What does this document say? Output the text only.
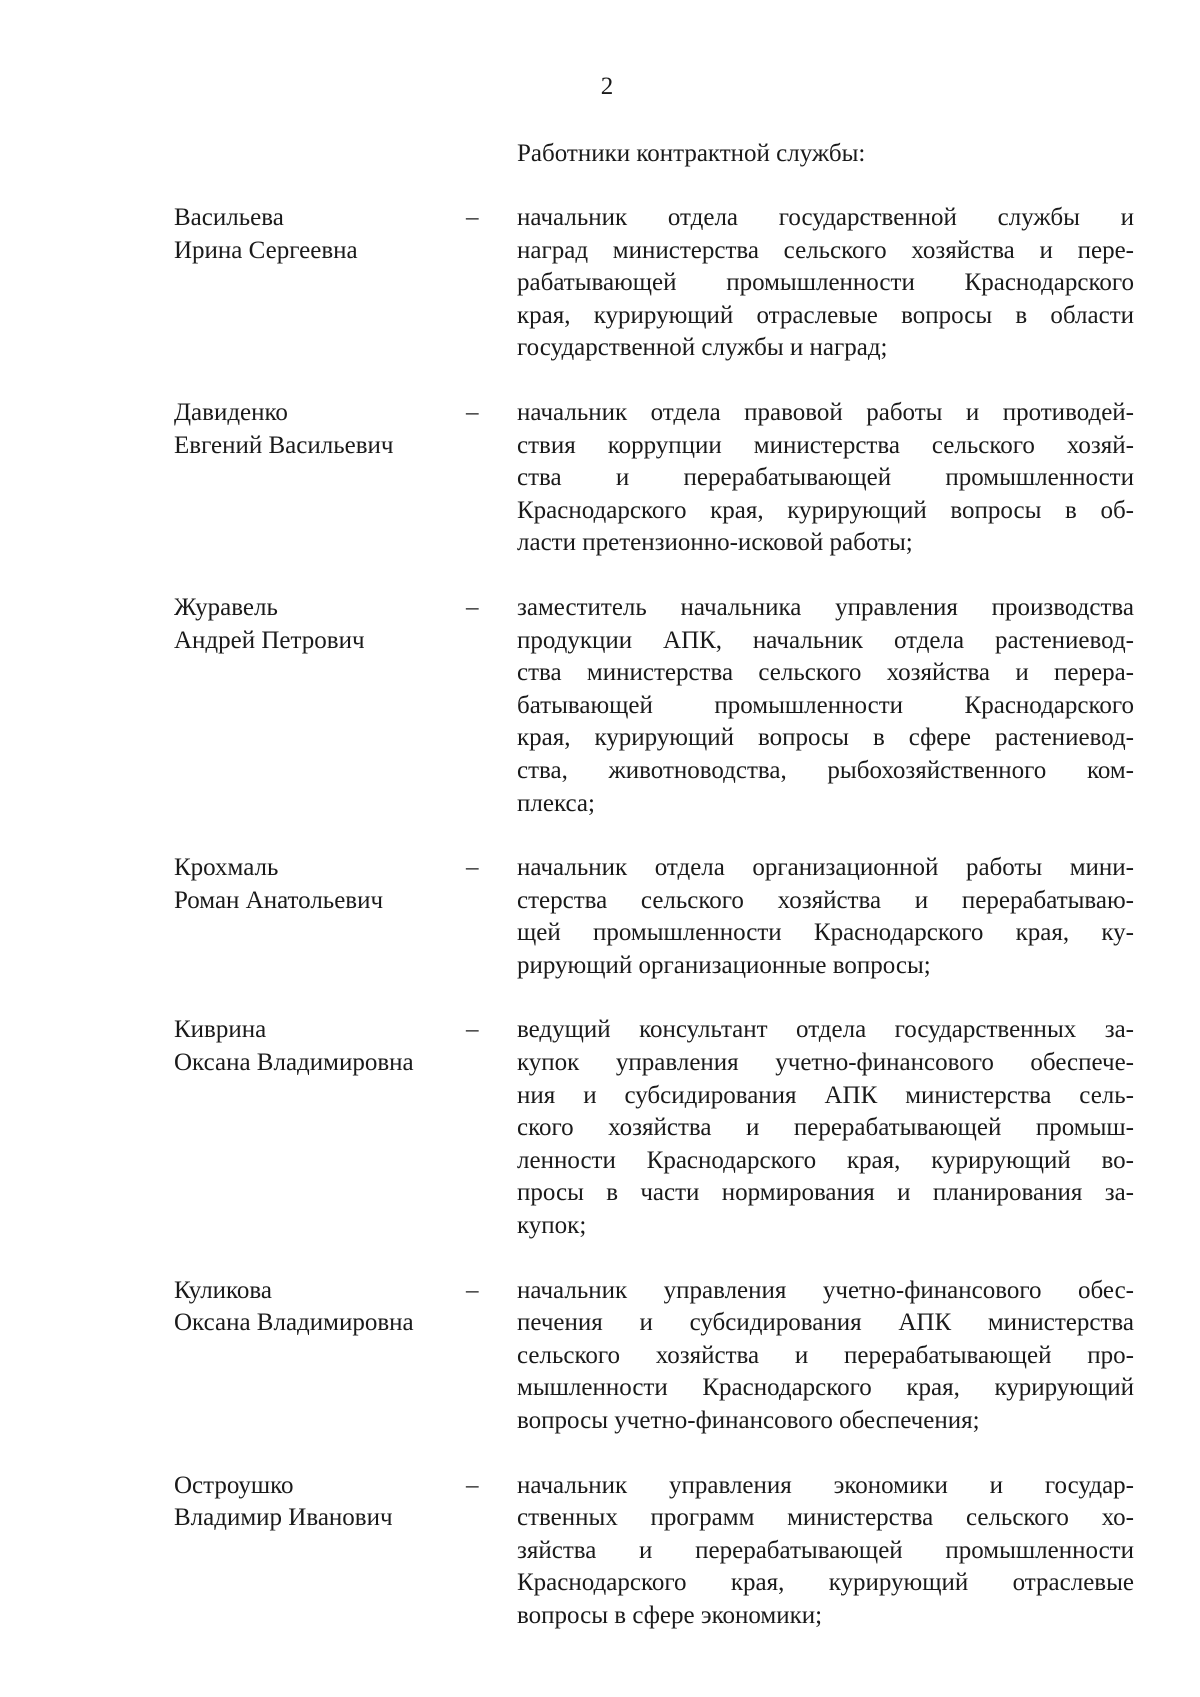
2
Работники контрактной службы:
Васильева
Ирина Сергеевна
–	начальник отдела государственной службы и
наград министерства сельского хозяйства и пере-
рабатывающей промышленности Краснодарского
края, курирующий отраслевые вопросы в области
государственной службы и наград;
Давиденко
Евгений Васильевич
–	начальник отдела правовой работы и противодей-
ствия коррупции министерства сельского хозяй-
ства и перерабатывающей промышленности
Краснодарского края, курирующий вопросы в об-
ласти претензионно-исковой работы;
Журавель
Андрей Петрович
–	заместитель начальника управления производства
продукции АПК, начальник отдела растениевод-
ства министерства сельского хозяйства и перера-
батывающей промышленности Краснодарского
края, курирующий вопросы в сфере растениевод-
ства, животноводства, рыбохозяйственного ком-
плекса;
Крохмаль
Роман Анатольевич
–	начальник отдела организационной работы мини-
стерства сельского хозяйства и перерабатываю-
щей промышленности Краснодарского края, ку-
рирующий организационные вопросы;
Киврина
Оксана Владимировна
–	ведущий консультант отдела государственных за-
купок управления учетно-финансового обеспече-
ния и субсидирования АПК министерства сель-
ского хозяйства и перерабатывающей промыш-
ленности Краснодарского края, курирующий во-
просы в части нормирования и планирования за-
купок;
Куликова
Оксана Владимировна
–	начальник управления учетно-финансового обес-
печения и субсидирования АПК министерства
сельского хозяйства и перерабатывающей про-
мышленности Краснодарского края, курирующий
вопросы учетно-финансового обеспечения;
Остроушко
Владимир Иванович
–	начальник управления экономики и государ-
ственных программ министерства сельского хо-
зяйства и перерабатывающей промышленности
Краснодарского края, курирующий отраслевые
вопросы в сфере экономики;
